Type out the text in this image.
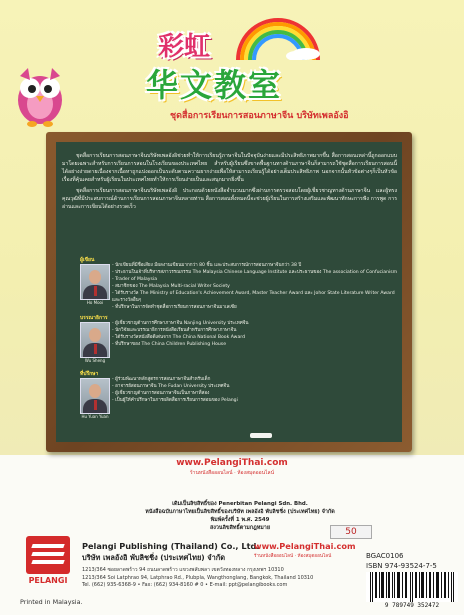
彩虹
华文教室
ชุดสื่อการเรียนการสอนภาษาจีน บริษัทเพลอังอิ

ชุดสื่อการเรียนการสอนภาษาจีนบริษัทเพลอังอิช่วยทำให้การเรียนรู้ภาษาจีนในปัจจุบันง่ายและมีประสิทธิภาพมากขึ้น สื่อการสอนเหล่านี้ถูกออกแบบมาโดยเฉพาะสำหรับการเรียนการสอนในโรงเรียนของประเทศไทย สำหรับผู้เรียนซึ่งขาดพื้นฐานทางด้านภาษาจีนก็สามารถใช้ชุดสื่อการเรียนการสอนนี้ได้อย่างง่ายดายเนื่องจากเนื้อหาถูกแบ่งออกเป็นระดับตามความยากง่ายเพื่อให้สามารถเรียนรู้ได้อย่างเต็มประสิทธิภาพ นอกจากนั้นหัวข้อต่างๆก็เป็นหัวข้อเรื่องที่คุ้นเคยสำหรับผู้เรียนในประเทศไทยทำให้การเรียนง่ายเป็นและสนุกมากยิ่งขึ้น

ชุดสื่อการเรียนการสอนภาษาจีนบริษัทเพลอังอิ ประกอบด้วยหนังสือจำนวนมากซึ่งผ่านการตรวจสอบโดยผู้เชี่ยวชาญทางด้านภาษาจีน และผู้ทรงคุณวุฒิที่มีประสบการณ์ด้านการเรียนการสอนภาษาจีนหลายท่าน สื่อการสอนทั้งหมดนี้จะช่วยผู้เรียนในการสร้างเสริมและพัฒนาทักษะการฟัง การพูด การอ่านและการเขียนได้อย่างรวดเร็ว

ผู้เขียน
Ho Mooi
- นักเขียนที่มีชื่อเสียง มีผลงานเขียนมากกว่า 80 ชิ้น และประสบการณ์การสอนภาษาจีนกว่า 38 ปี
- ประธานในเจ้าที่บริหารสภาวรรณกรรม The Malaysia Chinese Language Institute และประธานของ The association of Confucianism
- Trader of Malaysia
- สมาชิกของ The Malaysia Multi-racial Writer Society
- ได้รับรางวัล The Ministry of Education's Achievement Award, Master Teacher Award และ Johor State Literature Writer Award และรางวัลอื่นๆ
- ที่ปรึกษาในการจัดทำชุดสื่อการเรียนการสอนภาษาจีนมาเลเซีย
บรรณาธิการ
Wu Sheng
- ผู้เชี่ยวชาญด้านการศึกษาภาษาจีน Nanjing University ประเทศจีน
- นักวิจัยและบรรณาธิการหนังสือเรียนสำหรับการศึกษาภาษาจีน
- ได้รับรางวัลหนังสือดีเด่นจาก The China National Book Award
- ที่ปรึกษาของ The China Children Publishing House
ที่ปรึกษา
Hu Yuan Yuan
- ผู้ร่วมพัฒนาหลักสูตรการสอนภาษาจีนสำหรับเด็ก
- อาจารย์สอนภาษาจีน The Fudan University ประเทศจีน
- ผู้เชี่ยวชาญด้านการสอนภาษาจีนเป็นภาษาที่สอง
- เป็นผู้ให้คำปรึกษาในการผลิตสื่อการเรียนการสอนของ Pelangi
www.PelangiThai.com
ร้านหนังสือออนไลน์ · ห้องสมุดออนไลน์
เดิมเป็นลิขสิทธิ์ของ Penerbitan Pelangi Sdn. Bhd.
หนังสือฉบับภาษาไทยเป็นลิขสิทธิ์ของบริษัท เพลอังอิ พับลิชชิ่ง (ประเทศไทย) จำกัด
พิมพ์ครั้งที่ 1 พ.ศ. 2549
สงวนลิขสิทธิ์ตามกฎหมาย	50
PELANGI
Pelangi Publishing (Thailand) Co., Ltd.
www.PelangiThai.com
บริษัท เพลอังอิ พับลิชชิ่ง (ประเทศไทย) จำกัด	ร้านหนังสือออนไลน์ · ห้องสมุดออนไลน์
1213/364 ซอยลาดพร้าว 94 ถนนลาดพร้าว แขวงพลับพลา เขตวังทองหลาง กรุงเทพฯ 10310
1213/364 Soi Latphrao 94, Latphrao Rd., Plubpla, Wangthonglang, Bangkok, Thailand 10310
Tel. (662) 935-6368-9 • Fax: (662) 934-8160 # 0 • E-mail: ppt@pelangibooks.com
Printed in Malaysia.
BGAC0106
ISBN 974-93524-7-5
9 789749 352472
